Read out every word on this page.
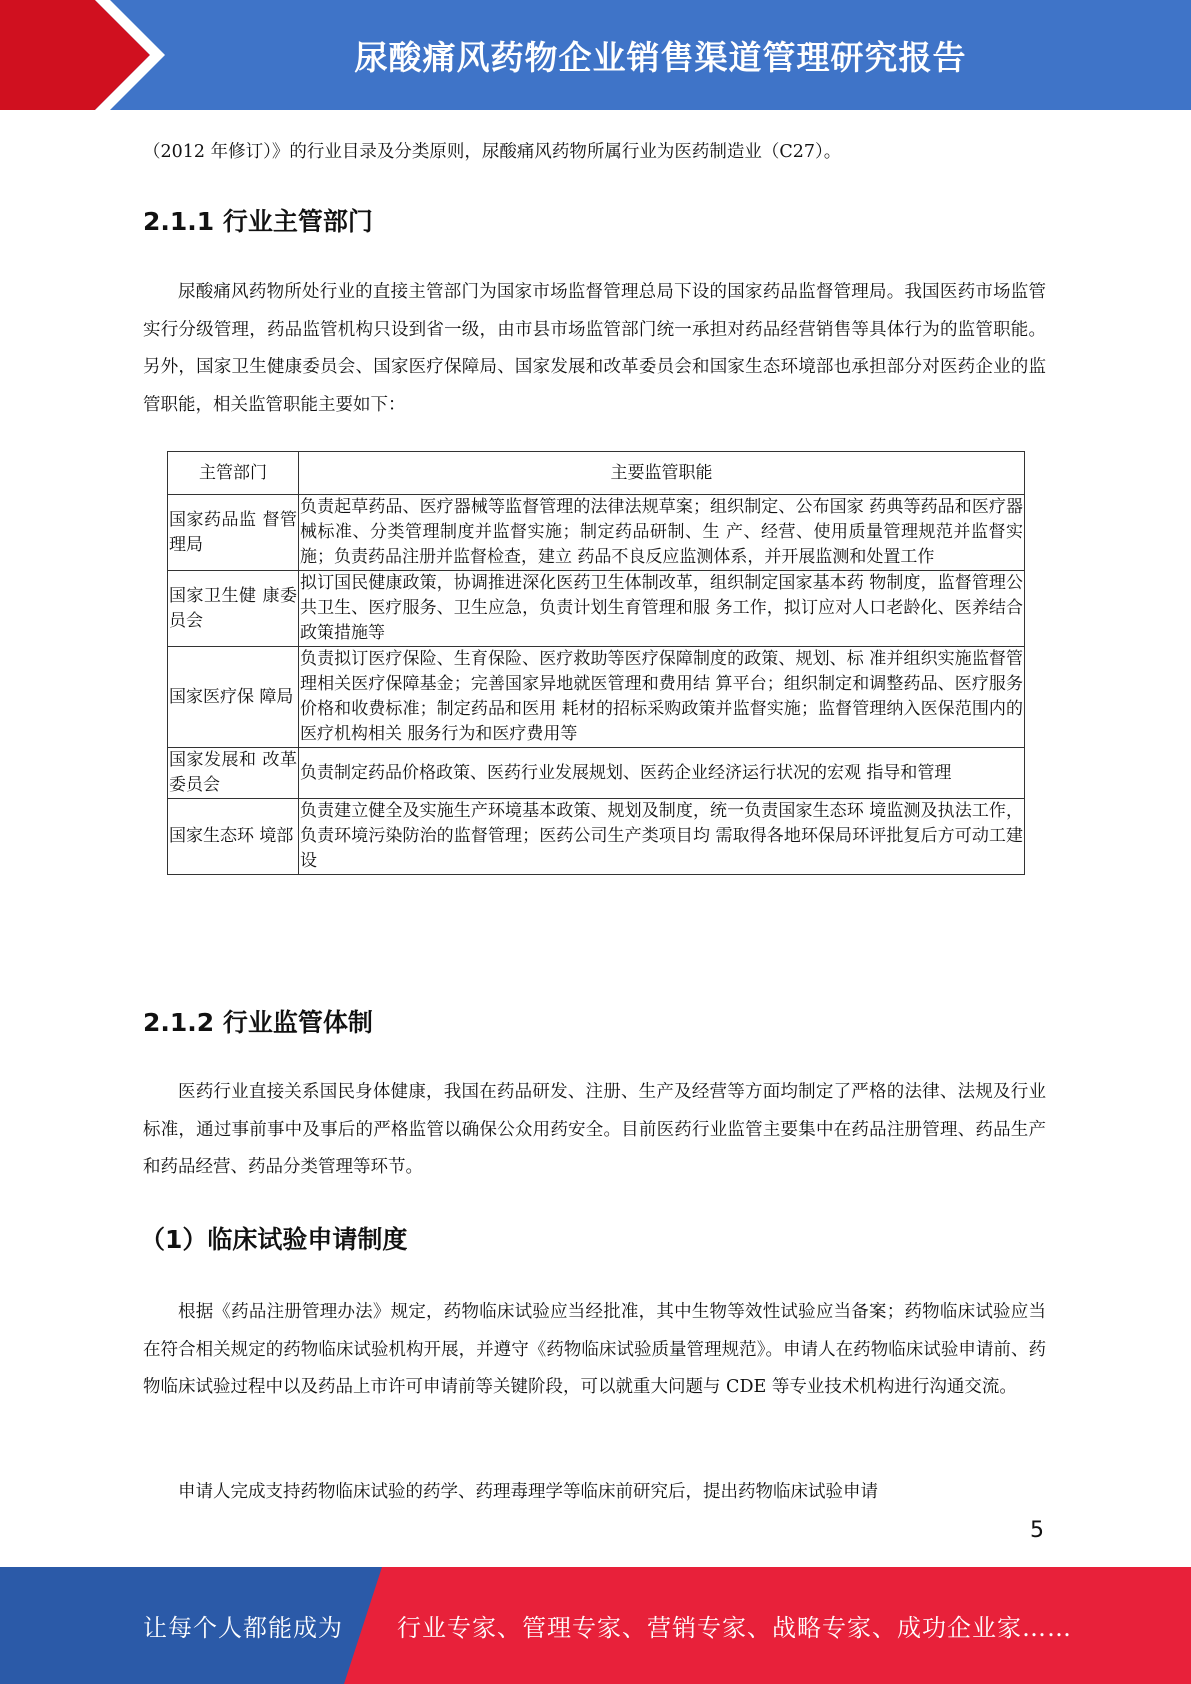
尿酸痛风药物企业销售渠道管理研究报告
（2012 年修订）》的行业目录及分类原则，尿酸痛风药物所属行业为医药制造业（C27）。
2.1.1 行业主管部门
尿酸痛风药物所处行业的直接主管部门为国家市场监督管理总局下设的国家药品监督管理局。我国医药市场监管实行分级管理，药品监管机构只设到省一级，由市县市场监管部门统一承担对药品经营销售等具体行为的监管职能。另外，国家卫生健康委员会、国家医疗保障局、国家发展和改革委员会和国家生态环境部也承担部分对医药企业的监管职能，相关监管职能主要如下：
主管部门	主要监管职能
国家药品监 督管理局	负责起草药品、医疗器械等监督管理的法律法规草案；组织制定、公布国家 药典等药品和医疗器械标准、分类管理制度并监督实施；制定药品研制、生 产、经营、使用质量管理规范并监督实施；负责药品注册并监督检查，建立 药品不良反应监测体系，并开展监测和处置工作
国家卫生健 康委员会	拟订国民健康政策，协调推进深化医药卫生体制改革，组织制定国家基本药 物制度，监督管理公共卫生、医疗服务、卫生应急，负责计划生育管理和服 务工作，拟订应对人口老龄化、医养结合政策措施等
国家医疗保 障局	负责拟订医疗保险、生育保险、医疗救助等医疗保障制度的政策、规划、标 准并组织实施监督管理相关医疗保障基金；完善国家异地就医管理和费用结 算平台；组织制定和调整药品、医疗服务价格和收费标准；制定药品和医用 耗材的招标采购政策并监督实施；监督管理纳入医保范围内的医疗机构相关 服务行为和医疗费用等
国家发展和 改革委员会	负责制定药品价格政策、医药行业发展规划、医药企业经济运行状况的宏观 指导和管理
国家生态环 境部	负责建立健全及实施生产环境基本政策、规划及制度，统一负责国家生态环 境监测及执法工作，负责环境污染防治的监督管理；医药公司生产类项目均 需取得各地环保局环评批复后方可动工建设
2.1.2 行业监管体制
医药行业直接关系国民身体健康，我国在药品研发、注册、生产及经营等方面均制定了严格的法律、法规及行业标准，通过事前事中及事后的严格监管以确保公众用药安全。目前医药行业监管主要集中在药品注册管理、药品生产和药品经营、药品分类管理等环节。
（1）临床试验申请制度
根据《药品注册管理办法》规定，药物临床试验应当经批准，其中生物等效性试验应当备案；药物临床试验应当在符合相关规定的药物临床试验机构开展，并遵守《药物临床试验质量管理规范》。申请人在药物临床试验申请前、药物临床试验过程中以及药品上市许可申请前等关键阶段，可以就重大问题与 CDE 等专业技术机构进行沟通交流。
申请人完成支持药物临床试验的药学、药理毒理学等临床前研究后，提出药物临床试验申请
5
让每个人都能成为 行业专家、管理专家、营销专家、战略专家、成功企业家……
